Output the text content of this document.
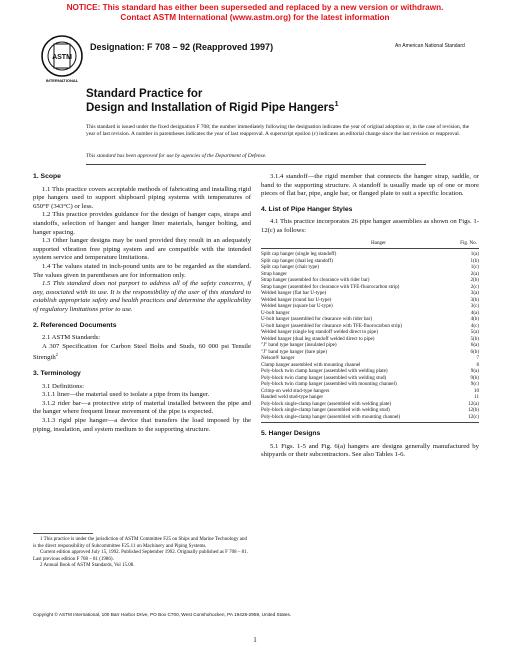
NOTICE: This standard has either been superseded and replaced by a new version or withdrawn.
Contact ASTM International (www.astm.org) for the latest information
ASTM
INTERNATIONAL
Designation: F 708 – 92 (Reapproved 1997)	An American National Standard
Standard Practice for
Design and Installation of Rigid Pipe Hangers$^1$
This standard is issued under the fixed designation F 708; the number immediately following the designation indicates the year of original adoption or, in the case of revision, the year of last revision. A number in parentheses indicates the year of last reapproval. A superscript epsilon (ε) indicates an editorial change since the last revision or reapproval.
This standard has been approved for use by agencies of the Department of Defense.
1. Scope

1.1 This practice covers acceptable methods of fabricating and installing rigid pipe hangers used to support shipboard piping systems with temperatures of 650°F (343°C) or less.

1.2 This practice provides guidance for the design of hanger caps, straps and standoffs, selection of hanger and hanger liner materials, hanger bolting, and hanger spacing.

1.3 Other hanger designs may be used provided they result in an adequately supported vibration free piping system and are compatible with the intended system service and temperature limitations.

1.4 The values stated in inch-pound units are to be regarded as the standard. The values given in parentheses are for information only.

1.5 This standard does not purport to address all of the safety concerns, if any, associated with its use. It is the responsibility of the user of this standard to establish appropriate safety and health practices and determine the applicability of regulatory limitations prior to use.

2. Referenced Documents

2.1 ASTM Standards:

A 307 Specification for Carbon Steel Bolts and Studs, 60 000 psi Tensile Strength$^2$

3. Terminology

3.1 Definitions:

3.1.1 liner—the material used to isolate a pipe from its hanger.

3.1.2 rider bar—a protective strip of material installed between the pipe and the hanger where frequent linear movement of the pipe is expected.

3.1.3 rigid pipe hanger—a device that transfers the load imposed by the piping, insulation, and system medium to the supporting structure.

3.1.4 standoff—the rigid member that connects the hanger strap, saddle, or band to the supporting structure. A standoff is usually made up of one or more pieces of flat bar, pipe, angle bar, or flanged plate to suit a specific location.

4. List of Pipe Hanger Styles

4.1 This practice incorporates 26 pipe hanger assemblies as shown on Figs. 1-12(c) as follows:

Hanger	Fig. No.
Split cap hanger (single leg standoff)	1(a)
Split cap hanger (dual leg standoff)	1(b)
Split cap hanger (chair type)	1(c)
Strap hanger	2(a)
Strap hanger (assembled for clearance with rider bar)	2(b)
Strap hanger (assembled for clearance with TFE-fluorocarbon strip)	2(c)
Welded hanger (flat bar U-type)	3(a)
Welded hanger (round bar U-type)	3(b)
Welded hanger (square bar U-type)	3(c)
U-bolt hanger	4(a)
U-bolt hanger (assembled for clearance with rider bar)	4(b)
U-bolt hanger (assembled for clearance with TFE-fluorocarbon strip)	4(c)
Welded hanger (single leg standoff welded direct to pipe)	5(a)
Welded hanger (dual leg standoff welded direct to pipe)	5(b)
"J" band type hanger (insulated pipe)	6(a)
"J" band type hanger (bare pipe)	6(b)
Nelson® hanger	7
Clamp hanger assembled with mounting channel	8
Poly-block twin clamp hanger (assembled with welding plate)	9(a)
Poly-block twin clamp hanger (assembled with welding stud)	9(b)
Poly-block twin clamp hanger (assembled with mounting channel)	9(c)
Crimp-on weld stud-type hangers	10
Banded weld stud-type hanger	11
Poly-block single-clamp hanger (assembled with welding plate)	12(a)
Poly-block single-clamp hanger (assembled with welding stud)	12(b)
Poly-block single-clamp hanger (assembled with mounting channel)	12(c)
5. Hanger Designs

5.1 Figs. 1-5 and Fig. 6(a) hangers are designs generally manufactured by shipyards or their subcontractors. See also Tables 1-6.

1 This practice is under the jurisdiction of ASTM Committee F25 on Ships and Marine Technology and is the direct responsibility of Subcommittee F25.11 on Machinery and Piping Systems.

Current edition approved July 15, 1992. Published September 1992. Originally published as F 708 – 81. Last previous edition F 708 – 81 (1986).

2 Annual Book of ASTM Standards, Vol 15.08.

Copyright © ASTM International, 100 Barr Harbor Drive, PO Box C700, West Conshohocken, PA 19428-2959, United States.
1
